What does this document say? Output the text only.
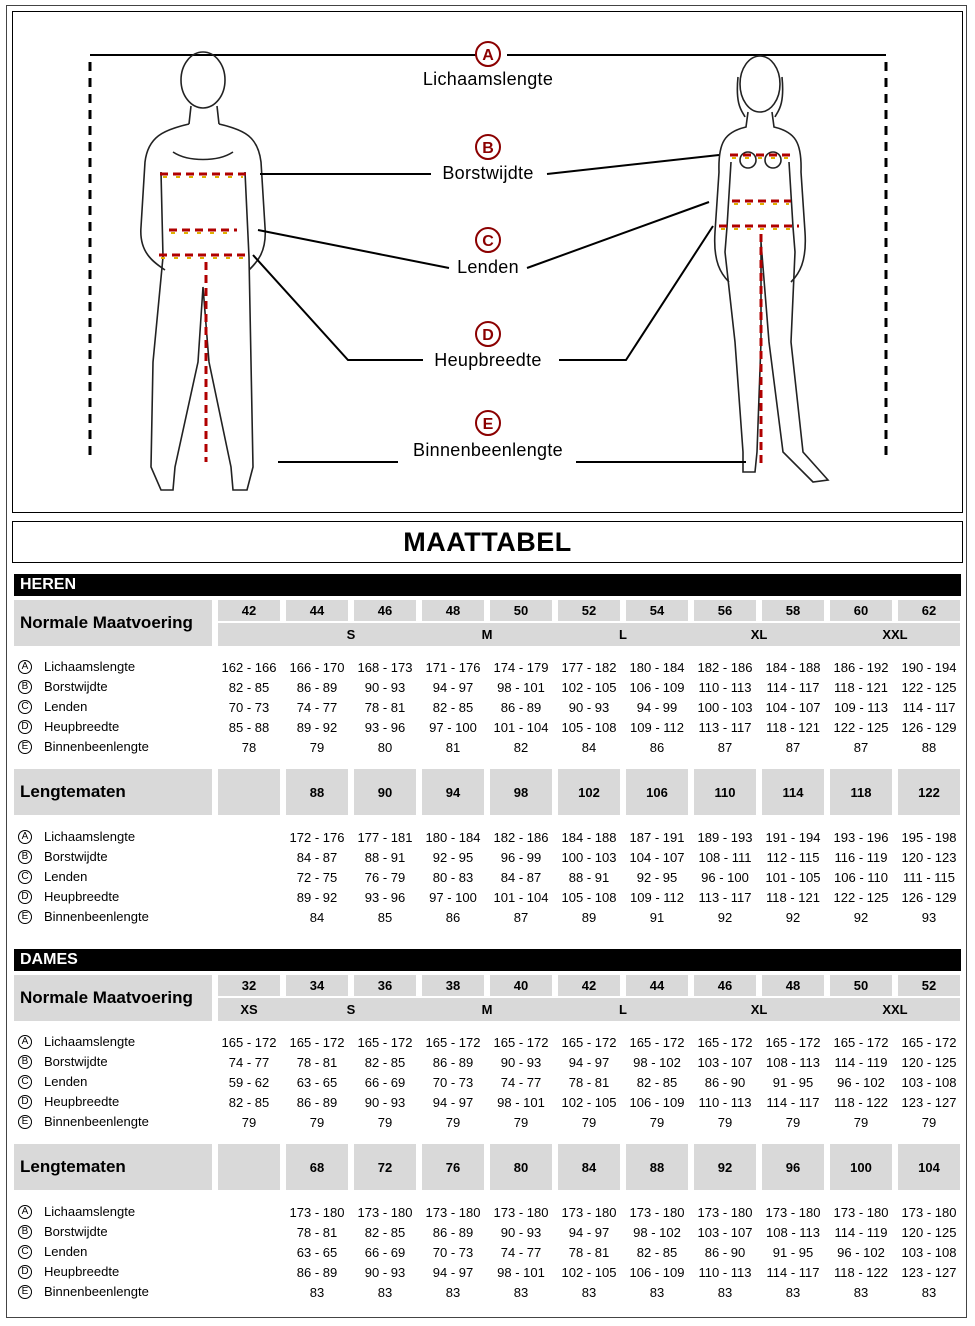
A
B
C
D
E
Lichaamslengte
Borstwijdte
Lenden
Heupbreedte
Binnenbeenlengte
MAATTABEL
HEREN
Normale Maatvoering
42	44	46	48	50	52	54	56	58	60	62
S	M	L	XL	XXL
A Lichaamslengte	162 - 166	166 - 170	168 - 173	171 - 176	174 - 179	177 - 182	180 - 184	182 - 186	184 - 188	186 - 192	190 - 194
B Borstwijdte	82 - 85	86 - 89	90 - 93	94 - 97	98 - 101	102 - 105	106 - 109	110 - 113	114 - 117	118 - 121	122 - 125
C Lenden	70 - 73	74 - 77	78 - 81	82 - 85	86 - 89	90 - 93	94 - 99	100 - 103	104 - 107	109 - 113	114 - 117
D Heupbreedte	85 - 88	89 - 92	93 - 96	97 - 100	101 - 104	105 - 108	109 - 112	113 - 117	118 - 121	122 - 125	126 - 129
E Binnenbeenlengte	78	79	80	81	82	84	86	87	87	87	88
Lengtematen	88	90	94	98	102	106	110	114	118	122
A Lichaamslengte	172 - 176	177 - 181	180 - 184	182 - 186	184 - 188	187 - 191	189 - 193	191 - 194	193 - 196	195 - 198
B Borstwijdte	84 - 87	88 - 91	92 - 95	96 - 99	100 - 103	104 - 107	108 - 111	112 - 115	116 - 119	120 - 123
C Lenden	72 - 75	76 - 79	80 - 83	84 - 87	88 - 91	92 - 95	96 - 100	101 - 105	106 - 110	111 - 115
D Heupbreedte	89 - 92	93 - 96	97 - 100	101 - 104	105 - 108	109 - 112	113 - 117	118 - 121	122 - 125	126 - 129
E Binnenbeenlengte	84	85	86	87	89	91	92	92	92	93
DAMES
Normale Maatvoering
32	34	36	38	40	42	44	46	48	50	52
XS	S	M	L	XL	XXL
A Lichaamslengte	165 - 172	165 - 172	165 - 172	165 - 172	165 - 172	165 - 172	165 - 172	165 - 172	165 - 172	165 - 172	165 - 172
B Borstwijdte	74 - 77	78 - 81	82 - 85	86 - 89	90 - 93	94 - 97	98 - 102	103 - 107	108 - 113	114 - 119	120 - 125
C Lenden	59 - 62	63 - 65	66 - 69	70 - 73	74 - 77	78 - 81	82 - 85	86 - 90	91 - 95	96 - 102	103 - 108
D Heupbreedte	82 - 85	86 - 89	90 - 93	94 - 97	98 - 101	102 - 105	106 - 109	110 - 113	114 - 117	118 - 122	123 - 127
E Binnenbeenlengte	79	79	79	79	79	79	79	79	79	79	79
Lengtematen	68	72	76	80	84	88	92	96	100	104
A Lichaamslengte	173 - 180	173 - 180	173 - 180	173 - 180	173 - 180	173 - 180	173 - 180	173 - 180	173 - 180	173 - 180
B Borstwijdte	78 - 81	82 - 85	86 - 89	90 - 93	94 - 97	98 - 102	103 - 107	108 - 113	114 - 119	120 - 125
C Lenden	63 - 65	66 - 69	70 - 73	74 - 77	78 - 81	82 - 85	86 - 90	91 - 95	96 - 102	103 - 108
D Heupbreedte	86 - 89	90 - 93	94 - 97	98 - 101	102 - 105	106 - 109	110 - 113	114 - 117	118 - 122	123 - 127
E Binnenbeenlengte	83	83	83	83	83	83	83	83	83	83
